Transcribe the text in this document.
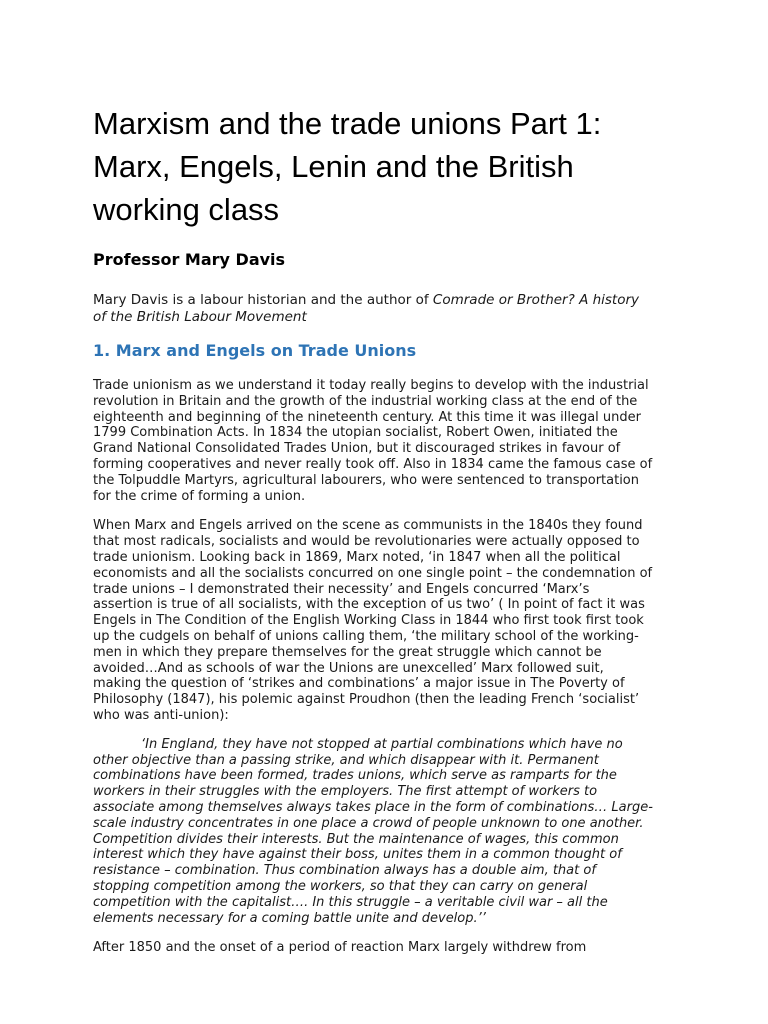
Marxism and the trade unions Part 1: Marx, Engels, Lenin and the British working class
Professor Mary Davis

Mary Davis is a labour historian and the author of Comrade or Brother? A history of the British Labour Movement

1. Marx and Engels on Trade Unions

Trade unionism as we understand it today really begins to develop with the industrial revolution in Britain and the growth of the industrial working class at the end of the eighteenth and beginning of the nineteenth century. At this time it was illegal under 1799 Combination Acts. In 1834 the utopian socialist, Robert Owen, initiated the Grand National Consolidated Trades Union, but it discouraged strikes in favour of forming cooperatives and never really took off. Also in 1834 came the famous case of the Tolpuddle Martyrs, agricultural labourers, who were sentenced to transportation for the crime of forming a union.

When Marx and Engels arrived on the scene as communists in the 1840s they found that most radicals, socialists and would be revolutionaries were actually opposed to trade unionism. Looking back in 1869, Marx noted, ‘in 1847 when all the political economists and all the socialists concurred on one single point – the condemnation of trade unions – I demonstrated their necessity’ and Engels concurred ‘Marx’s assertion is true of all socialists, with the exception of us two’ ( In point of fact it was Engels in The Condition of the English Working Class in 1844 who first took first took up the cudgels on behalf of unions calling them, ‘the military school of the working-men in which they prepare themselves for the great struggle which cannot be avoided…And as schools of war the Unions are unexcelled’ Marx followed suit, making the question of ‘strikes and combinations’ a major issue in The Poverty of Philosophy (1847), his polemic against Proudhon (then the leading French ‘socialist’ who was anti-union):

‘In England, they have not stopped at partial combinations which have no other objective than a passing strike, and which disappear with it. Permanent combinations have been formed, trades unions, which serve as ramparts for the workers in their struggles with the employers. The first attempt of workers to associate among themselves always takes place in the form of combinations… Large-scale industry concentrates in one place a crowd of people unknown to one another. Competition divides their interests. But the maintenance of wages, this common interest which they have against their boss, unites them in a common thought of resistance – combination. Thus combination always has a double aim, that of stopping competition among the workers, so that they can carry on general competition with the capitalist…. In this struggle – a veritable civil war – all the elements necessary for a coming battle unite and develop.’’

After 1850 and the onset of a period of reaction Marx largely withdrew from
